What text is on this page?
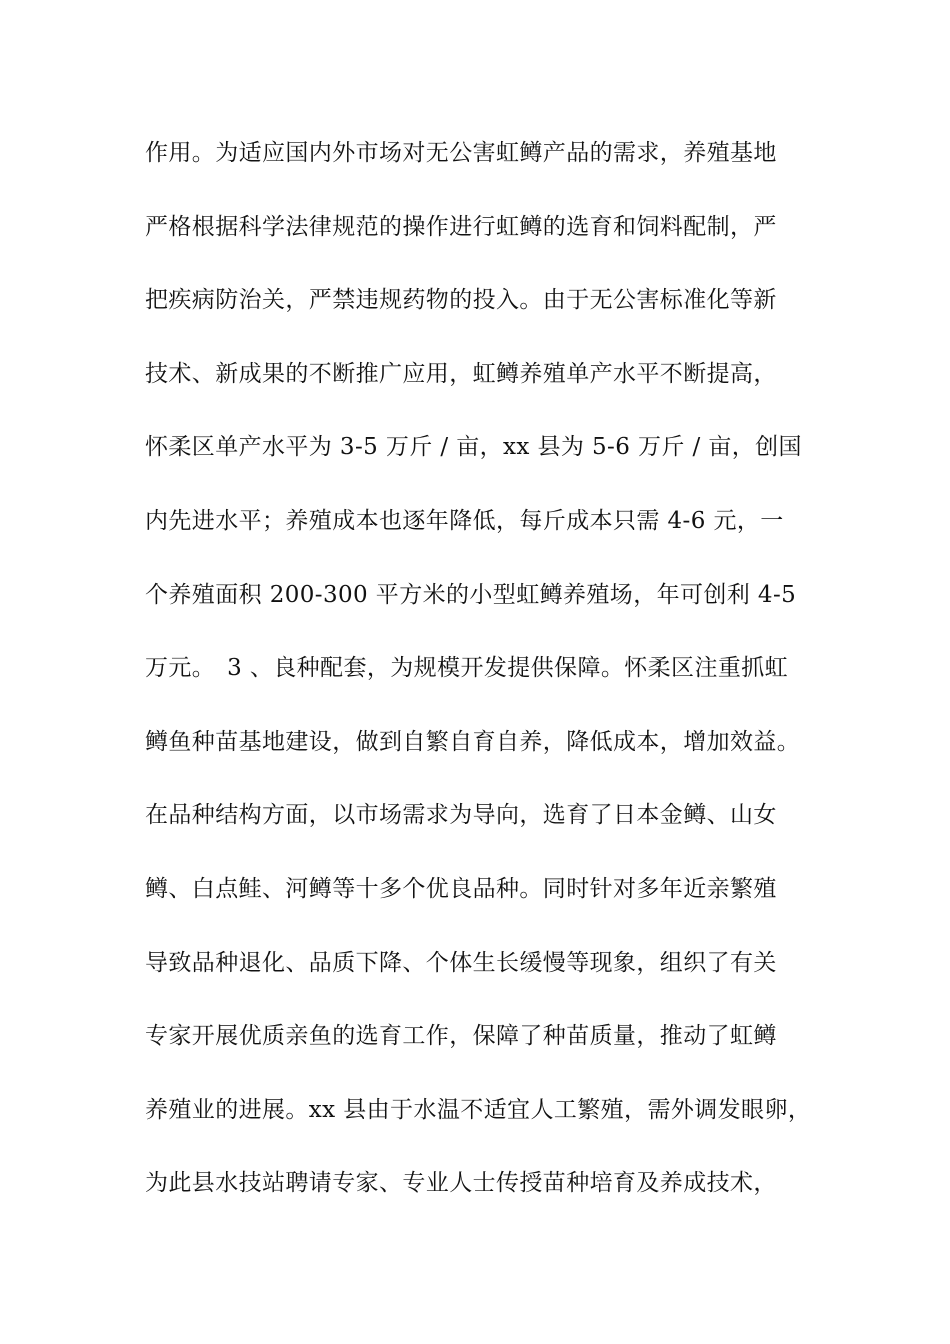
作用。为适应国内外市场对无公害虹鳟产品的需求，养殖基地
严格根据科学法律规范的操作进行虹鳟的选育和饲料配制，严
把疾病防治关，严禁违规药物的投入。由于无公害标准化等新
技术、新成果的不断推广应用，虹鳟养殖单产水平不断提高，
怀柔区单产水平为 3-5 万斤 / 亩，xx 县为 5-6 万斤 / 亩，创国
内先进水平；养殖成本也逐年降低，每斤成本只需 4-6 元，一
个养殖面积 200-300 平方米的小型虹鳟养殖场，年可创利 4-5
万元。　3 、良种配套，为规模开发提供保障。怀柔区注重抓虹
鳟鱼种苗基地建设，做到自繁自育自养，降低成本，增加效益。
在品种结构方面，以市场需求为导向，选育了日本金鳟、山女
鳟、白点鲑、河鳟等十多个优良品种。同时针对多年近亲繁殖
导致品种退化、品质下降、个体生长缓慢等现象，组织了有关
专家开展优质亲鱼的选育工作，保障了种苗质量，推动了虹鳟
养殖业的进展。xx 县由于水温不适宜人工繁殖，需外调发眼卵，
为此县水技站聘请专家、专业人士传授苗种培育及养成技术，
